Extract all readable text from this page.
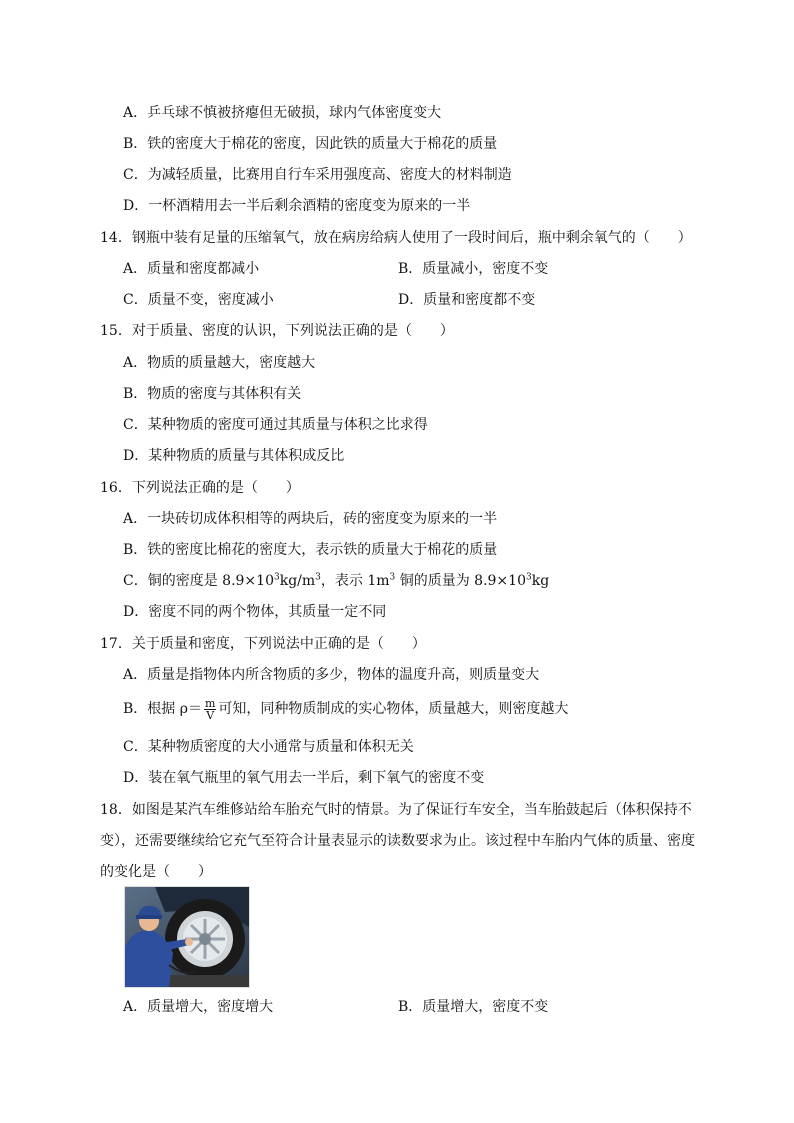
A．乒乓球不慎被挤瘪但无破损，球内气体密度变大
B．铁的密度大于棉花的密度，因此铁的质量大于棉花的质量
C．为减轻质量，比赛用自行车采用强度高、密度大的材料制造
D．一杯酒精用去一半后剩余酒精的密度变为原来的一半
14．钢瓶中装有足量的压缩氧气，放在病房给病人使用了一段时间后，瓶中剩余氧气的（　　）
A．质量和密度都减小	B．质量减小，密度不变
C．质量不变，密度减小	D．质量和密度都不变
15．对于质量、密度的认识，下列说法正确的是（　　）
A．物质的质量越大，密度越大
B．物质的密度与其体积有关
C．某种物质的密度可通过其质量与体积之比求得
D．某种物质的质量与其体积成反比
16．下列说法正确的是（　　）
A．一块砖切成体积相等的两块后，砖的密度变为原来的一半
B．铁的密度比棉花的密度大，表示铁的质量大于棉花的质量
C．铜的密度是 $8.9\times 10^3kg/m^3$，表示 $1m^3$ 铜的质量为 $8.9\times 10^3kg$
D．密度不同的两个物体，其质量一定不同
17．关于质量和密度，下列说法中正确的是（　　）
A．质量是指物体内所含物质的多少，物体的温度升高，则质量变大
B．根据 $\rho= \frac{m}{V}$ 可知，同种物质制成的实心物体，质量越大，则密度越大
C．某种物质密度的大小通常与质量和体积无关
D．装在氧气瓶里的氧气用去一半后，剩下氧气的密度不变
18．如图是某汽车维修站给车胎充气时的情景。为了保证行车安全，当车胎鼓起后（体积保持不变），还需要继续给它充气至符合计量表显示的读数要求为止。该过程中车胎内气体的质量、密度的变化是（　　）
A．质量增大，密度增大	B．质量增大，密度不变
